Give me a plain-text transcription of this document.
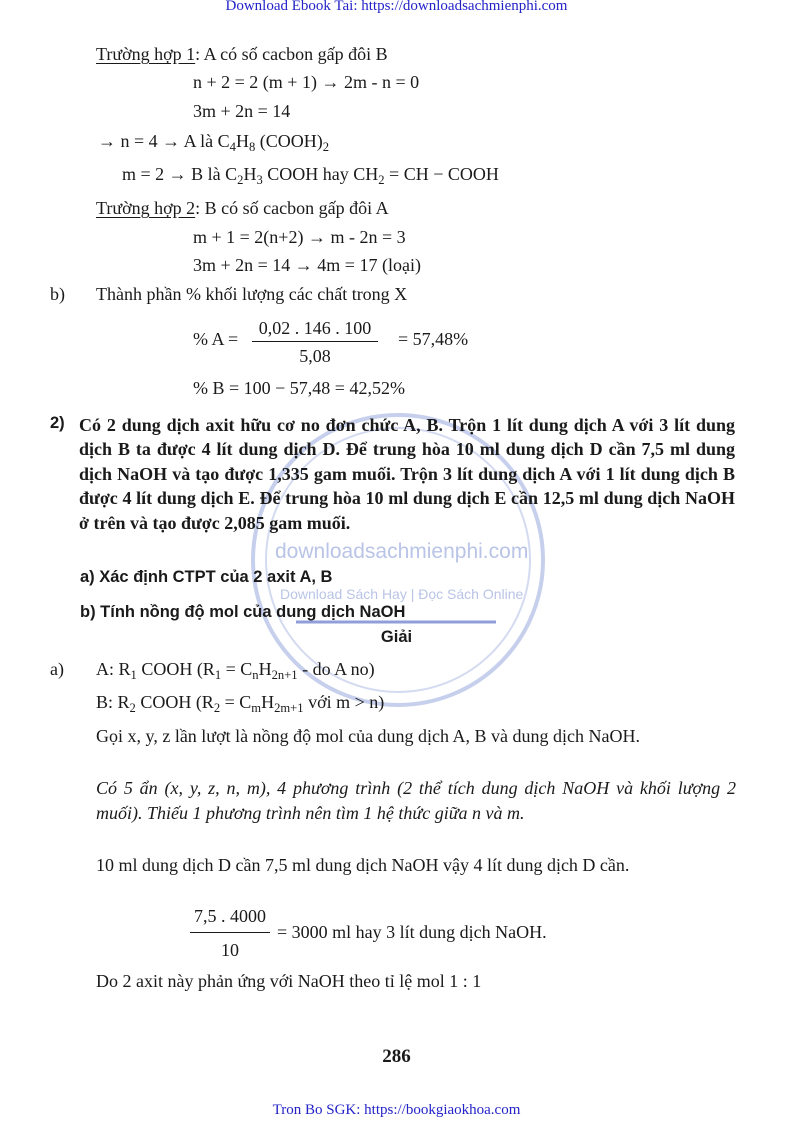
Download Ebook Tai: https://downloadsachmienphi.com
Tron Bo SGK: https://bookgiaokhoa.com
downloadsachmienphi.com
Download Sách Hay | Đọc Sách Online
Trường hợp 1: A có số cacbon gấp đôi B
n + 2 = 2 (m + 1) → 2m - n = 0
3m + 2n = 14
→ n = 4 → A là $C_4H_8$ $(COOH)_2$
m = 2 → B là $C_2H_3$ COOH hay $CH_2$ = CH − COOH
Trường hợp 2: B có số cacbon gấp đôi A
m + 1 = 2(n+2) → m - 2n = 3
3m + 2n = 14 → 4m = 17 (loại)
b) Thành phần % khối lượng các chất trong X
% A =
0,02 . 146 . 100
5,08
= 57,48%
% B = 100 − 57,48 = 42,52%
2) Có 2 dung dịch axit hữu cơ no đơn chức A, B. Trộn 1 lít dung dịch A với 3 lít dung dịch B ta được 4 lít dung dịch D. Để trung hòa 10 ml dung dịch D cần 7,5 ml dung dịch NaOH và tạo được 1,335 gam muối. Trộn 3 lít dung dịch A với 1 lít dung dịch B được 4 lít dung dịch E. Để trung hòa 10 ml dung dịch E cần 12,5 ml dung dịch NaOH ở trên và tạo được 2,085 gam muối.
a) Xác định CTPT của 2 axit A, B
b) Tính nồng độ mol của dung dịch NaOH
Giải
a) A: $R_1$ COOH ($R_1 = C_nH_{2n+1}$ - do A no)
B: $R_2$ COOH ($R_2 = C_mH_{2m+1}$ với m > n)
Gọi x, y, z lần lượt là nồng độ mol của dung dịch A, B và dung dịch NaOH.
Có 5 ẩn (x, y, z, n, m), 4 phương trình (2 thể tích dung dịch NaOH và khối lượng 2 muối). Thiếu 1 phương trình nên tìm 1 hệ thức giữa n và m.
10 ml dung dịch D cần 7,5 ml dung dịch NaOH vậy 4 lít dung dịch D cần.
7,5 . 4000
10
= 3000 ml hay 3 lít dung dịch NaOH.
Do 2 axit này phản ứng với NaOH theo tỉ lệ mol 1 : 1
286
